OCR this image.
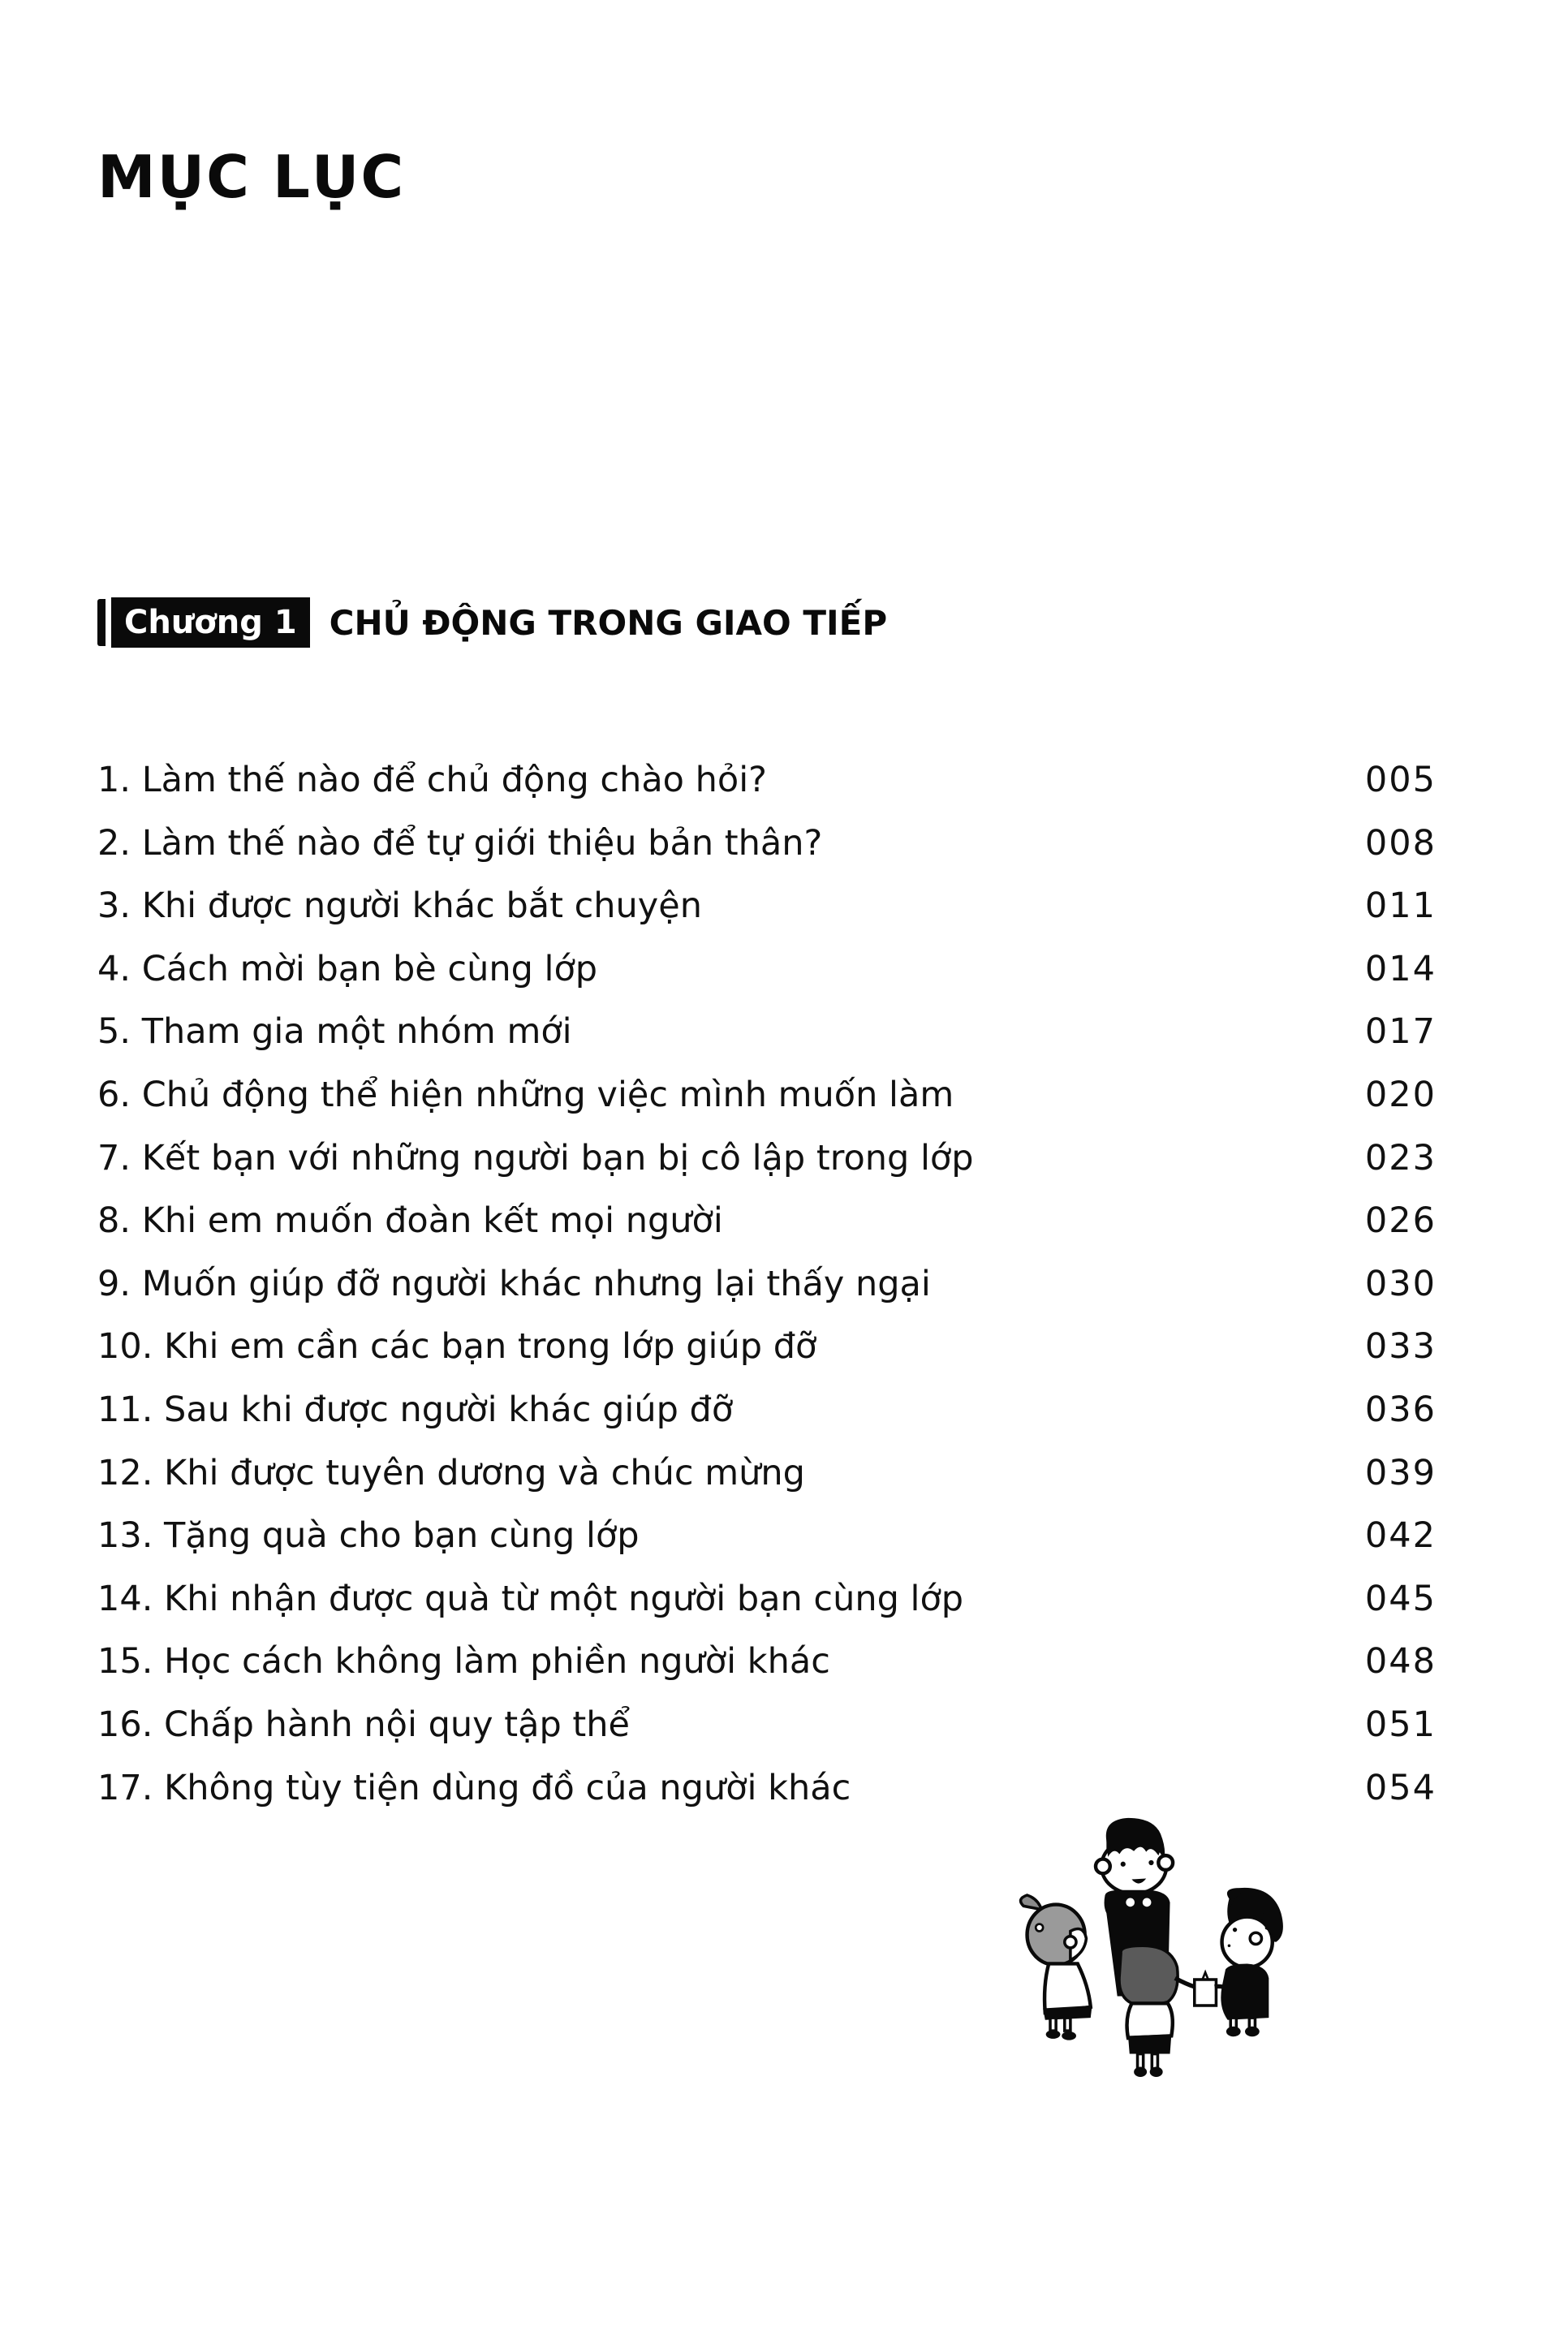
MỤC LỤC
Chương 1 CHỦ ĐỘNG TRONG GIAO TIẾP
1. Làm thế nào để chủ động chào hỏi?	005
2. Làm thế nào để tự giới thiệu bản thân?	008
3. Khi được người khác bắt chuyện	011
4. Cách mời bạn bè cùng lớp	014
5. Tham gia một nhóm mới	017
6. Chủ động thể hiện những việc mình muốn làm	020
7. Kết bạn với những người bạn bị cô lập trong lớp	023
8. Khi em muốn đoàn kết mọi người	026
9. Muốn giúp đỡ người khác nhưng lại thấy ngại	030
10. Khi em cần các bạn trong lớp giúp đỡ	033
11. Sau khi được người khác giúp đỡ	036
12. Khi được tuyên dương và chúc mừng	039
13. Tặng quà cho bạn cùng lớp	042
14. Khi nhận được quà từ một người bạn cùng lớp	045
15. Học cách không làm phiền người khác	048
16. Chấp hành nội quy tập thể	051
17. Không tùy tiện dùng đồ của người khác	054
